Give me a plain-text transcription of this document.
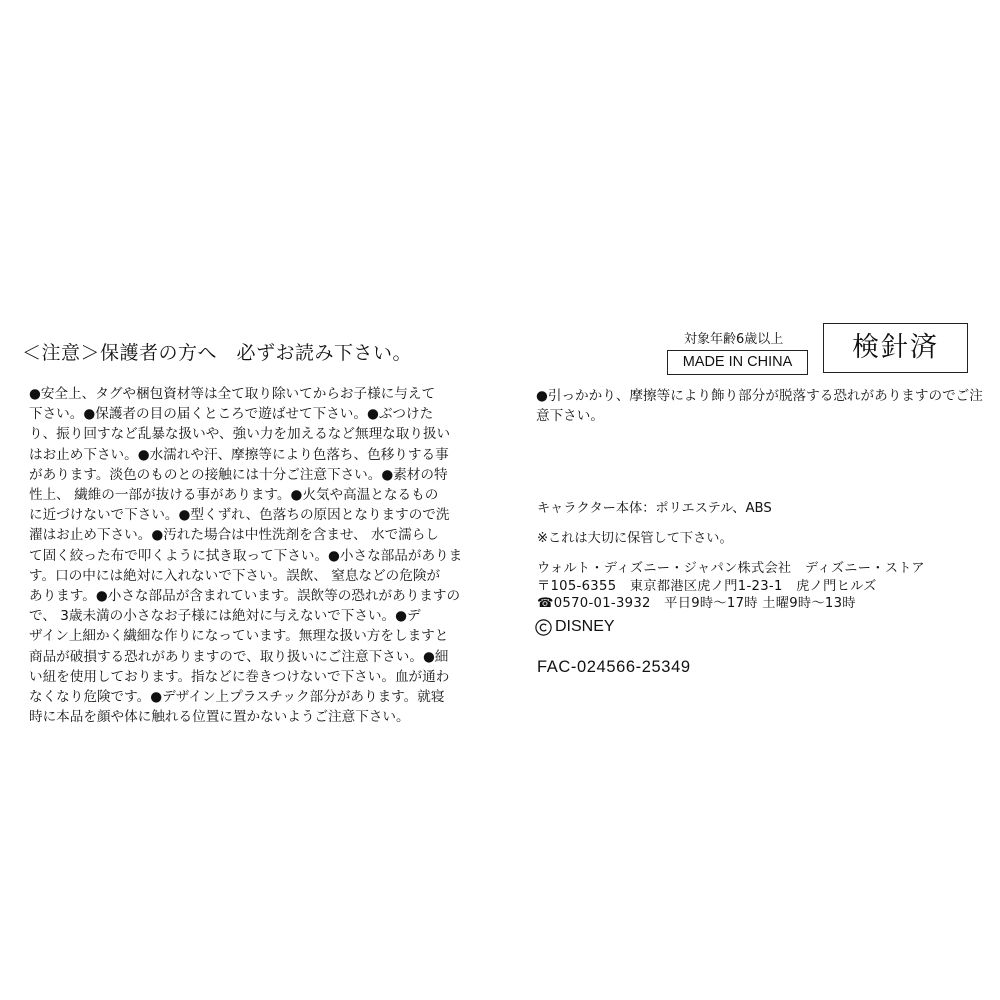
＜注意＞保護者の方へ　必ずお読み下さい。
●安全上、タグや梱包資材等は全て取り除いてからお子様に与えて
下さい。●保護者の目の届くところで遊ばせて下さい。●ぶつけた
り、振り回すなど乱暴な扱いや、強い力を加えるなど無理な取り扱い
はお止め下さい。●水濡れや汗、摩擦等により色落ち、色移りする事
があります。淡色のものとの接触には十分ご注意下さい。●素材の特
性上、 繊維の一部が抜ける事があります。●火気や高温となるもの
に近づけないで下さい。●型くずれ、色落ちの原因となりますので洗
濯はお止め下さい。●汚れた場合は中性洗剤を含ませ、 水で濡らし
て固く絞った布で叩くように拭き取って下さい。●小さな部品がありま
す。口の中には絶対に入れないで下さい。誤飲、 窒息などの危険が
あります。●小さな部品が含まれています。誤飲等の恐れがありますの
で、 3歳未満の小さなお子様には絶対に与えないで下さい。●デ
ザイン上細かく繊細な作りになっています。無理な扱い方をしますと
商品が破損する恐れがありますので、取り扱いにご注意下さい。●細
い紐を使用しております。指などに巻きつけないで下さい。血が通わ
なくなり危険です。●デザイン上プラスチック部分があります。就寝
時に本品を顔や体に触れる位置に置かないようご注意下さい。
対象年齢6歳以上
MADE IN CHINA	検針済
●引っかかり、摩擦等により飾り部分が脱落する恐れがありますのでご注
意下さい。
キャラクター本体：ポリエステル、ABS
※これは大切に保管して下さい。
ウォルト・ディズニー・ジャパン株式会社　ディズニー・ストア
〒105-6355　東京都港区虎ノ門1-23-1　虎ノ門ヒルズ
☎0570-01-3932　平日9時～17時 土曜9時～13時
DISNEY
FAC-024566-25349
